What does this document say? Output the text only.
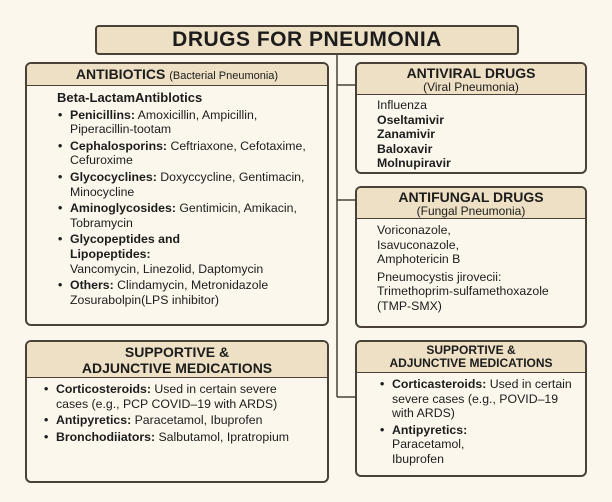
DRUGS FOR PNEUMONIA
ANTIBIOTICS (Bacterial Pneumonia)
Beta-LactamAntiblotics
• Penicillins: Amoxicillin, Ampicillin, Piperacillin-tootam
• Cephalosporins: Ceftriaxone, Cefotaxime, Cefuroxime
• Glycocyclines: Doxyccycline, Gentimacin, Minocycline
• Aminoglycosides: Gentimicin, Amikacin, Tobramycin
• Glycopeptides and Lipopeptides:
Vancomycin, Linezolid, Daptomycin
• Others: Clindamycin, Metronidazole Zosurabolpin(LPS inhibitor)
ANTIVIRAL DRUGS
(Viral Pneumonia)
Influenza
Oseltamivir
Zanamivir
Baloxavir
Molnupiravir
ANTIFUNGAL DRUGS
(Fungal Pneumonia)
Voriconazole, Isavuconazole, Amphotericin B
Pneumocystis jirovecii: Trimethoprim-sulfamethoxazole (TMP-SMX)
SUPPORTIVE &
ADJUNCTIVE MEDICATIONS
• Corticosteroids: Used in certain severe cases (e.g., PCP COVID–19 with ARDS)
• Antipyretics: Paracetamol, Ibuprofen
• Bronchodiiators: Salbutamol, Ipratropium
SUPPORTIVE &
ADJUNCTIVE MEDICATIONS
• Corticasteroids: Used in certain severe cases (e.g., POVID–19 with ARDS)
• Antipyretics: Paracetamol, Ibuprofen
